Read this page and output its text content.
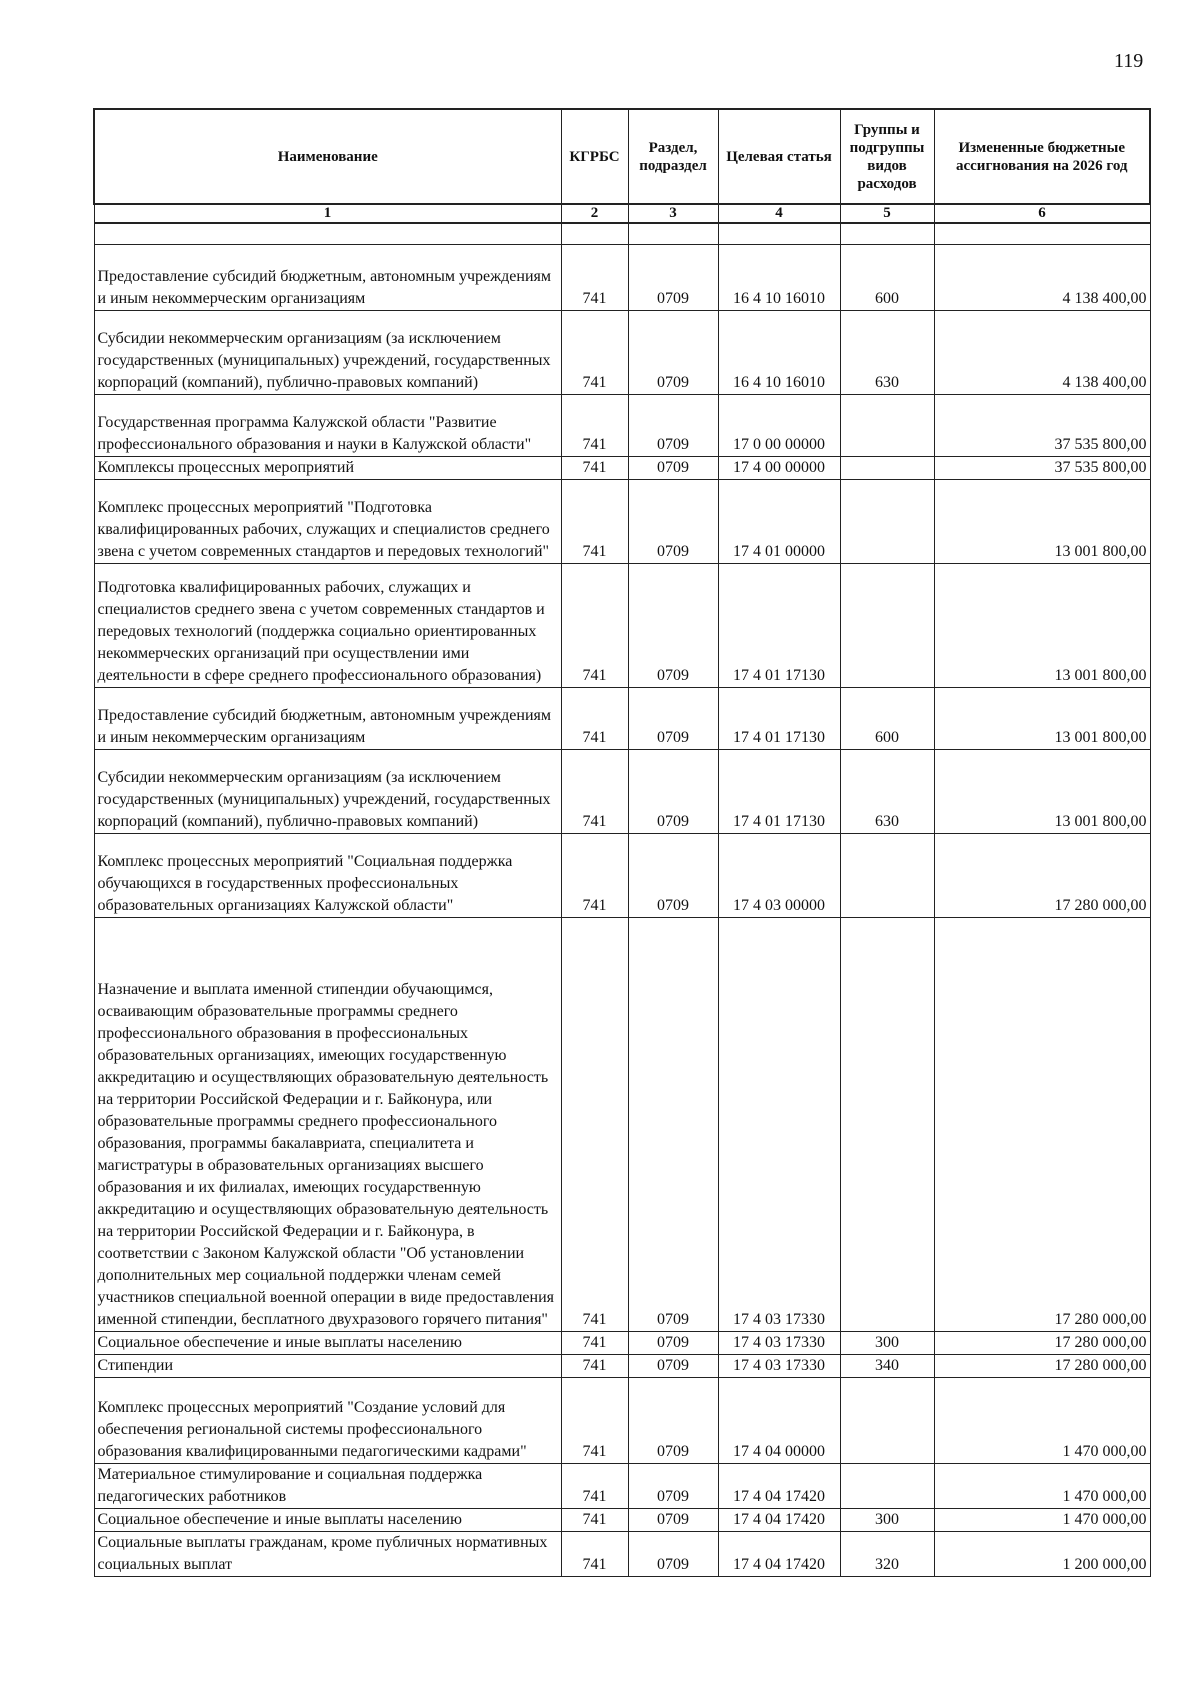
119
Наименование	КГРБС	Раздел, подраздел	Целевая статья	Группы и подгруппы видов расходов	Измененные бюджетные ассигнования на 2026 год
1	2	3	4	5	6

Предоставление субсидий бюджетным, автономным учреждениям и иным некоммерческим организациям	741	0709	16 4 10 16010	600	4 138 400,00
Субсидии некоммерческим организациям (за исключением государственных (муниципальных) учреждений, государственных корпораций (компаний), публично-правовых компаний)	741	0709	16 4 10 16010	630	4 138 400,00
Государственная программа Калужской области "Развитие профессионального образования и науки в Калужской области"	741	0709	17 0 00 00000		37 535 800,00
Комплексы процессных мероприятий	741	0709	17 4 00 00000		37 535 800,00
Комплекс процессных мероприятий "Подготовка квалифицированных рабочих, служащих и специалистов среднего звена с учетом современных стандартов и передовых технологий"	741	0709	17 4 01 00000		13 001 800,00
Подготовка квалифицированных рабочих, служащих и специалистов среднего звена с учетом современных стандартов и передовых технологий (поддержка социально ориентированных некоммерческих организаций при осуществлении ими деятельности в сфере среднего профессионального образования)	741	0709	17 4 01 17130		13 001 800,00
Предоставление субсидий бюджетным, автономным учреждениям и иным некоммерческим организациям	741	0709	17 4 01 17130	600	13 001 800,00
Субсидии некоммерческим организациям (за исключением государственных (муниципальных) учреждений, государственных корпораций (компаний), публично-правовых компаний)	741	0709	17 4 01 17130	630	13 001 800,00
Комплекс процессных мероприятий "Социальная поддержка обучающихся в государственных профессиональных образовательных организациях Калужской области"	741	0709	17 4 03 00000		17 280 000,00
Назначение и выплата именной стипендии обучающимся, осваивающим образовательные программы среднего профессионального образования в профессиональных образовательных организациях, имеющих государственную аккредитацию и осуществляющих образовательную деятельность на территории Российской Федерации и г. Байконура, или образовательные программы среднего профессионального образования, программы бакалавриата, специалитета и магистратуры в образовательных организациях высшего образования и их филиалах, имеющих государственную аккредитацию и осуществляющих образовательную деятельность на территории Российской Федерации и г. Байконура, в соответствии с Законом Калужской области "Об установлении дополнительных мер социальной поддержки членам семей участников специальной военной операции в виде предоставления именной стипендии, бесплатного двухразового горячего питания"	741	0709	17 4 03 17330		17 280 000,00
Социальное обеспечение и иные выплаты населению	741	0709	17 4 03 17330	300	17 280 000,00
Стипендии	741	0709	17 4 03 17330	340	17 280 000,00
Комплекс процессных мероприятий "Создание условий для обеспечения региональной системы профессионального образования квалифицированными педагогическими кадрами"	741	0709	17 4 04 00000		1 470 000,00
Материальное стимулирование и социальная поддержка педагогических работников	741	0709	17 4 04 17420		1 470 000,00
Социальное обеспечение и иные выплаты населению	741	0709	17 4 04 17420	300	1 470 000,00
Социальные выплаты гражданам, кроме публичных нормативных социальных выплат	741	0709	17 4 04 17420	320	1 200 000,00
